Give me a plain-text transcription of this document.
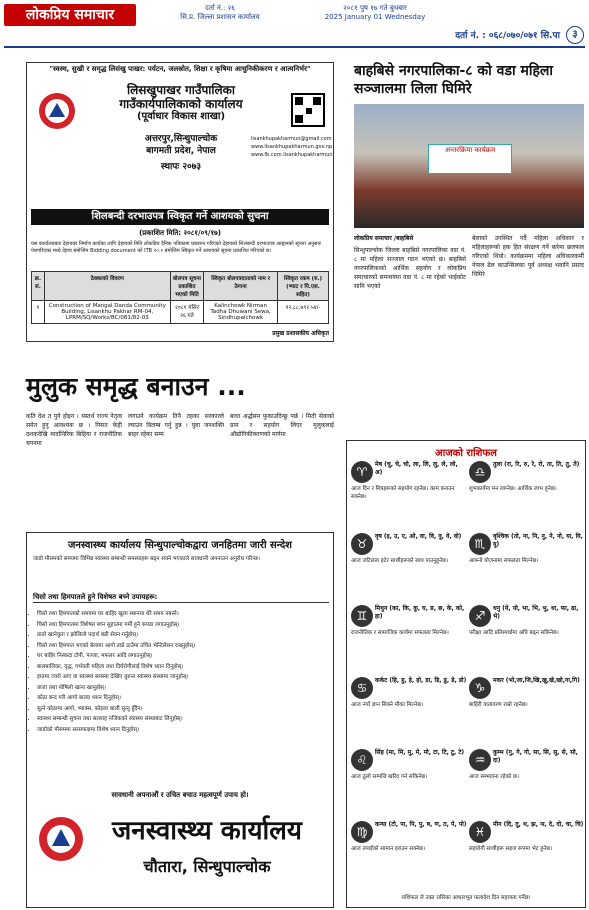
लोकप्रिय समाचार	दर्ता नं.: २६
सि.प्र. जिल्ला प्रशासन कार्यालय
२०८१ पुष १७ गते बुधबार
2025 January 01 Wednesday
दर्ता नं. : ०६८/०७०/०७१ सि.पा	३
"स्वस्थ, सुखी र समृद्ध लिसंखु पाखर: पर्यटन, जलस्रोत, शिक्षा र कृषिमा आधुनिकीकरण र आत्मनिर्भर"
लिसखुपाखर गाउँपालिका
गाउँकार्यपालिकाको कार्यालय
(पूर्वाधार विकास शाखा)
अत्तरपुर,सिन्धुपाल्चोक
बागमती प्रदेश, नेपाल
स्थापः २०७३
lisankhupakharmun@gmail.com
www.lisankhupakharmun.gov.np
www.fb.com.lisankhupakharmun
शिलबन्दी दरभाउपत्र स्विकृत गर्ने आशयको सुचना
(प्रकाशित मिति: २०८१/०९/१७)
यस कार्यालयबाट देहायका निर्माण कार्यका लागि देहायको मिति लोकप्रिय दैनिक पत्रिकामा प्रकाशन गरिएको देहायको शिलबन्दी दरभाउपत्र आह्वानको सूचना अनुसार पेशगरिएका मध्ये देहाय बमोजिम Bidding document को ITB २०.१ बमोजिम स्विकृत गर्ने आशयको सूचना प्रकाशित गरिएको छ।
क्र. सं.	ठेक्काको विवरण	बोलपत्र सूचना प्रकाशित भएको मिति	स्विकृत बोलपत्रदाताको नाम र ठेगाना	स्विकृत रकम (रु.) (भ्याट र पि.एस. सहित)
१	Construction of Mangal Danda Community Building, Lisankhu Pakhar RM-04, LPRM/SQ/Works/BC/081/82-03	२०८१ मंसिर २६ गते	Kalinchowk Nirman Tadha Dhuwani Sewa, Sindhupalchowk	१२,८८,७९२.५४/-
प्रमुख प्रशासकीय अधिकृत
बाहबिसे नगरपालिका-८ को वडा महिला सञ्जालमा लिला घिमिरे
अन्तरक्रिया कार्यक्रम
लोकप्रिय समाचार /बाहबिसे
सिन्धुपाल्चोक जिल्ला बाहबिसे नगरपालिका वडा नं. ८ मा महिला सञ्जाल गठन भएको छ। बाहबिसे नगरपालिकाको आर्थिक सहयोग र लोकप्रिय समाचारको समन्वयमा वडा नं. ८ मा रहेको भाईकोट सामि भएको
बेलाको उपस्थित गर्दै महिला अधिकार र महिलाहरूको हक हित संरक्षण गर्ने बारेमा छलफल गरिएको थियो। कार्यक्रममा महिला अधिकारकर्मी नेपाल ढेल काउन्सिलका पूर्व अध्यक्ष भवानि प्रसाद धिमिरे
मुलुक समृद्ध बनाउन ...
कति देश त पुगे होइन । यस्तर्थ राज्य नेतृत्व समेत हुनु आवश्यक छ । पिसत केही दशकदेखि मार्दानिरिक बिहिया र राजनीतिक चपनमा
लगाउने कार्यक्रम तिनै तहका सरकारले ल्याउन विलम्ब गर्नु हुन्न । युवा जनशक्ति बाहर रहेका सम्म
बाधा अर्द्धसम फुकाउदिन्छु पर्छ । मिती सेवाको ग्राम र सहयोग लिएर मुलुकलाई औद्योगिकीकरणको मार्गमा
जनस्वास्थ्य कार्यालय सिन्धुपाल्चोकद्वारा जनहितमा जारी सन्देश
जाडो मौसमको समयमा विभिन्न स्वास्थ्य सम्बन्धी समस्याहरू बढ्न सक्ने भएकाले सावधानी अपनाउन अनुरोध गरिन्छ।
चिसो तथा हिमपातले हुने विशेषत बच्ने उपायहरू:
• चिसो तथा हिमपातको समयमा घर बाहिर खुला स्थानमा धेरै समय नबस्नै।
• चिसो तथा हिमपातमा विशेषत बच्न सुहाउमा गर्मी हुने कपडा लगाउनुहोस्।
• तातो खानेकुरा र झोलिलो पदार्थ बढी सेवन गर्नुहोस्।
• चिसो तथा हिमपात भएको बेलामा आगो ताप्ने ठाउँमा उचित भेन्टिलेसन राख्नुहोस्।
• घर बाहिर निस्कदा टोपी, पञ्जा, मफलर आदि लगाउनुहोस्।
• बालबालिका, वृद्ध, गर्भवती महिला तथा दिर्घरोगीलाई विशेष ध्यान दिनुहोस्।
• हातमा ज्वरो आए वा स्वास्थ्य समस्या देखिए तुरुन्त स्वास्थ्य संस्थामा जानुहोस्।
• ताजा तथा पोषिलो खाना खानुहोस्।
• कोठा बन्द गरी आगो बाल्दा ध्यान दिनुहोस्।
• सुत्ने कोठामा आगो, भ्याक्स, कोइला बाली सुत्नु हुँदैन।
• स्वास्थ्य सम्बन्धी सुचना तथा सल्लाह नजिकको स्वास्थ्य संस्थाबाट लिनुहोस्।
• जाडोको मौसममा सरसफाइमा विशेष ध्यान दिनुहोस्।
सावधानी अपनाऔं र उचित बचाउ महत्वपूर्ण उपाय हो।
जनस्वास्थ्य कार्यालय
चौतारा, सिन्धुपाल्चोक
आजको राशिफल
♈
मेष (चु, चे, चो, ला, लि, लु, ले, लो, अ)
आज दिन र मित्रहरूको सहयोग रहनेछ। काम बनाउन सक्नेछ।
♎
तुला (रा, रि, रु, रे, रो, ता, ति, तु, ते)
शुभकार्यमा मन लाग्नेछ। आर्थिक लाभ हुनेछ।
♉
वृष (इ, उ, ए, ओ, वा, वि, वु, वे, वो)
आज जटिलता हटेर साथीहरूको साथ पाउनुहुनेछ।
♏
वृश्चिक (तो, ना, नि, नु, ने, नो, या, यि, यु)
आफ्नो योजनामा सफलता मिल्नेछ।
♊
मिथुन (का, कि, कु, घ, ङ, छ, के, को, हा)
राजनीतिक र सामाजिक कार्यमा सफलता मिल्नेछ।
♐
धनु (ये, यो, भा, भि, भु, धा, फा, ढा, भे)
परीक्षा आदि प्रतिस्पर्धामा अघि बढ्न सकिनेछ।
♋
कर्कट (हि, हु, हे, हो, डा, डि, डु, डे, डो)
आज नयाँ ज्ञान सिक्ने मौका मिल्नेछ।
♑
मकर (भो,जा,जि,खि,खु,खे,खो,गा,गि)
बाहिरी वातावरण राम्रो रहनेछ।
♌
सिंह (मा, मि, मु, मे, मो, टा, टि, टु, टे)
आज ठूलो सम्पत्ति खरिद गर्न सकिनेछ।
♒
कुम्भ (गु, गे, गो, सा, सि, सु, से, सो, दा)
आज सम्भावना रहेको छ।
♍
कन्या (टो, पा, पि, पु, ष, ण, ठ, पे, पो)
आज तपाईंको सामान हराउन सक्नेछ।
♓
मीन (दि, दु, थ, झ, ञ, दे, दो, चा, चि)
सहयोगी साथीहरू सहज रूपमा भेट हुनेछ।
राशिफल ले उक्त रासिका आधारभूत फलादेश दिन सहायता गर्नेछ।
